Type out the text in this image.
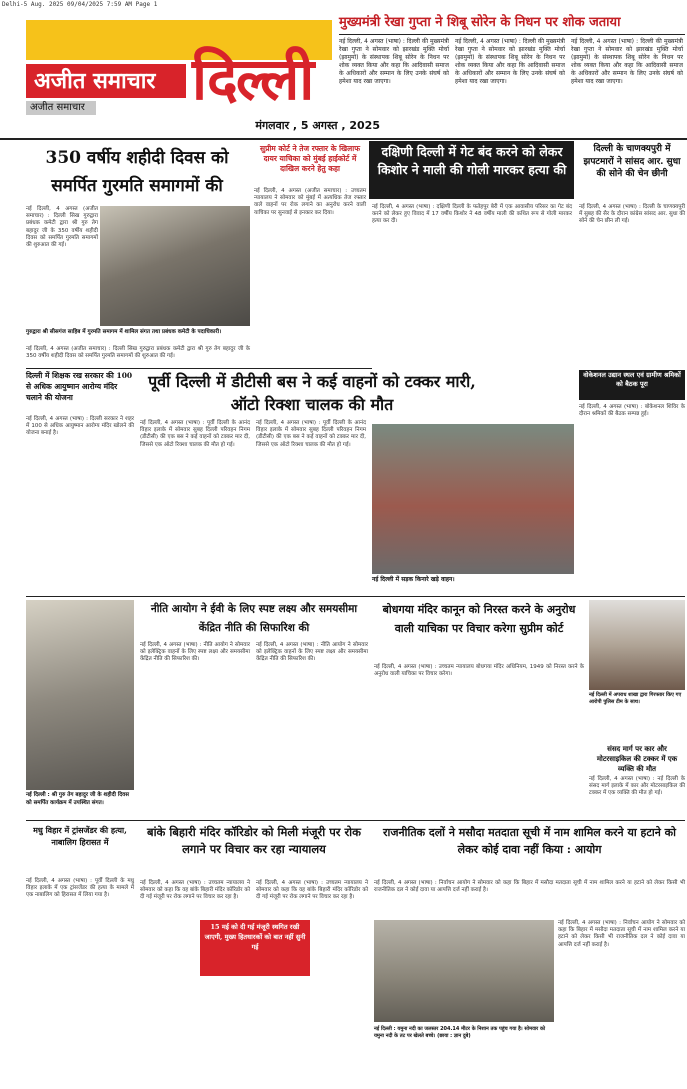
Delhi-5 Aug. 2025 09/04/2025 7:59 AM Page 1
अजीत समाचार
अजीत समाचार दिल्ली
मंगलवार , 5 अगस्त , 2025
मुख्यमंत्री रेखा गुप्ता ने शिबू सोरेन के निधन पर शोक जताया
नई दिल्ली, 4 अगस्त (भाषा) : दिल्ली की मुख्यमंत्री रेखा गुप्ता ने सोमवार को झारखंड मुक्ति मोर्चा (झामुमो) के संस्थापक शिबू सोरेन के निधन पर शोक व्यक्त किया और कहा कि आदिवासी समाज के अधिकारों और सम्मान के लिए उनके संघर्ष को हमेशा याद रखा जाएगा।
नई दिल्ली, 4 अगस्त (भाषा) : दिल्ली की मुख्यमंत्री रेखा गुप्ता ने सोमवार को झारखंड मुक्ति मोर्चा (झामुमो) के संस्थापक शिबू सोरेन के निधन पर शोक व्यक्त किया और कहा कि आदिवासी समाज के अधिकारों और सम्मान के लिए उनके संघर्ष को हमेशा याद रखा जाएगा।
नई दिल्ली, 4 अगस्त (भाषा) : दिल्ली की मुख्यमंत्री रेखा गुप्ता ने सोमवार को झारखंड मुक्ति मोर्चा (झामुमो) के संस्थापक शिबू सोरेन के निधन पर शोक व्यक्त किया और कहा कि आदिवासी समाज के अधिकारों और सम्मान के लिए उनके संघर्ष को हमेशा याद रखा जाएगा।
350 वर्षीय शहीदी दिवस को समर्पित गुरमति समागमों की
नई दिल्ली, 4 अगस्त (अजीत समाचार) : दिल्ली सिख गुरुद्वारा प्रबंधक कमेटी द्वारा श्री गुरु तेग बहादुर जी के 350 वर्षीय शहीदी दिवस को समर्पित गुरमति समागमों की शुरुआत की गई।
गुरुद्वारा श्री सीसगंज साहिब में गुरमति समागम में शामिल संगत तथा प्रबंधक कमेटी के पदाधिकारी।
नई दिल्ली, 4 अगस्त (अजीत समाचार) : दिल्ली सिख गुरुद्वारा प्रबंधक कमेटी द्वारा श्री गुरु तेग बहादुर जी के 350 वर्षीय शहीदी दिवस को समर्पित गुरमति समागमों की शुरुआत की गई।
सुप्रीम कोर्ट ने तेज रफ्तार के खिलाफ दायर याचिका को मुंबई हाईकोर्ट में दाखिल करने हेतु कहा
नई दिल्ली, 4 अगस्त (अजीत समाचार) : उच्चतम न्यायालय ने सोमवार को मुंबई में अत्यधिक तेज रफ्तार वाले वाहनों पर रोक लगाने का अनुरोध करने वाली याचिका पर सुनवाई से इनकार कर दिया।
दक्षिणी दिल्ली में गेट बंद करने को लेकर किशोर ने माली की गोली मारकर हत्या की
नई दिल्ली, 4 अगस्त (भाषा) : दक्षिणी दिल्ली के फतेहपुर बेरी में एक आवासीय परिसर का गेट बंद करने को लेकर हुए विवाद में 17 वर्षीय किशोर ने 48 वर्षीय माली की कथित रूप से गोली मारकर हत्या कर दी।
दिल्ली के चाणक्यपुरी में झपटमारों ने सांसद आर. सुधा की सोने की चेन छीनी
नई दिल्ली, 4 अगस्त (भाषा) : दिल्ली के चाणक्यपुरी में सुबह की सैर के दौरान कांग्रेस सांसद आर. सुधा की सोने की चेन छीन ली गई।
दिल्ली में शिक्षक रख सरकार की 100 से अधिक आयुष्मान आरोग्य मंदिर चलाने की योजना
नई दिल्ली, 4 अगस्त (भाषा) : दिल्ली सरकार ने शहर में 100 से अधिक आयुष्मान आरोग्य मंदिर खोलने की योजना बनाई है।
पूर्वी दिल्ली में डीटीसी बस ने कई वाहनों को टक्कर मारी, ऑटो रिक्शा चालक की मौत
नई दिल्ली, 4 अगस्त (भाषा) : पूर्वी दिल्ली के आनंद विहार इलाके में सोमवार सुबह दिल्ली परिवहन निगम (डीटीसी) की एक बस ने कई वाहनों को टक्कर मार दी, जिससे एक ऑटो रिक्शा चालक की मौत हो गई।
नई दिल्ली, 4 अगस्त (भाषा) : पूर्वी दिल्ली के आनंद विहार इलाके में सोमवार सुबह दिल्ली परिवहन निगम (डीटीसी) की एक बस ने कई वाहनों को टक्कर मार दी, जिससे एक ऑटो रिक्शा चालक की मौत हो गई।
नई दिल्ली में सड़क किनारे खड़े वाहन।
वोकेशनल उद्यान स्थल एवं ग्रामीण श्रमिकों को बैठक पूरा
नई दिल्ली, 4 अगस्त (भाषा) : बोकेशनल शिविर के दौरान श्रमिकों की बैठक सम्पन्न हुई।
नई दिल्ली : श्री गुरु तेग बहादुर जी के शहीदी दिवस को समर्पित कार्यक्रम में उपस्थित संगत।
नीति आयोग ने ईवी के लिए स्पष्ट लक्ष्य और समयसीमा केंद्रित नीति की सिफारिश की
नई दिल्ली, 4 अगस्त (भाषा) : नीति आयोग ने सोमवार को इलेक्ट्रिक वाहनों के लिए स्पष्ट लक्ष्य और समयसीमा केंद्रित नीति की सिफारिश की।
नई दिल्ली, 4 अगस्त (भाषा) : नीति आयोग ने सोमवार को इलेक्ट्रिक वाहनों के लिए स्पष्ट लक्ष्य और समयसीमा केंद्रित नीति की सिफारिश की।
बोधगया मंदिर कानून को निरस्त करने के अनुरोध वाली याचिका पर विचार करेगा सुप्रीम कोर्ट
नई दिल्ली, 4 अगस्त (भाषा) : उच्चतम न्यायालय बोधगया मंदिर अधिनियम, 1949 को निरस्त करने के अनुरोध वाली याचिका पर विचार करेगा।
नई दिल्ली में अपराध शाखा द्वारा गिरफ्तार किए गए आरोपी पुलिस टीम के साथ।
संसद मार्ग पर कार और मोटरसाइकिल की टक्कर में एक व्यक्ति की मौत
नई दिल्ली, 4 अगस्त (भाषा) : नई दिल्ली के संसद मार्ग इलाके में कार और मोटरसाइकिल की टक्कर में एक व्यक्ति की मौत हो गई।
मधु विहार में ट्रांसजेंडर की हत्या, नाबालिग हिरासत में
नई दिल्ली, 4 अगस्त (भाषा) : पूर्वी दिल्ली के मधु विहार इलाके में एक ट्रांसजेंडर की हत्या के मामले में एक नाबालिग को हिरासत में लिया गया है।
बांके बिहारी मंदिर कॉरिडोर को मिली मंजूरी पर रोक लगाने पर विचार कर रहा न्यायालय
नई दिल्ली, 4 अगस्त (भाषा) : उच्चतम न्यायालय ने सोमवार को कहा कि वह बांके बिहारी मंदिर कॉरिडोर को दी गई मंजूरी पर रोक लगाने पर विचार कर रहा है।
नई दिल्ली, 4 अगस्त (भाषा) : उच्चतम न्यायालय ने सोमवार को कहा कि वह बांके बिहारी मंदिर कॉरिडोर को दी गई मंजूरी पर रोक लगाने पर विचार कर रहा है।
15 मई को दी गई मंजूरी स्थगित रखी जाएगी, मुख्य हितधारकों को बात नहीं सुनी गई
राजनीतिक दलों ने मसौदा मतदाता सूची में नाम शामिल करने या हटाने को लेकर कोई दावा नहीं किया : आयोग
नई दिल्ली, 4 अगस्त (भाषा) : निर्वाचन आयोग ने सोमवार को कहा कि बिहार में मसौदा मतदाता सूची में नाम शामिल करने या हटाने को लेकर किसी भी राजनीतिक दल ने कोई दावा या आपत्ति दर्ज नहीं कराई है।
नई दिल्ली, 4 अगस्त (भाषा) : निर्वाचन आयोग ने सोमवार को कहा कि बिहार में मसौदा मतदाता सूची में नाम शामिल करने या हटाने को लेकर किसी भी राजनीतिक दल ने कोई दावा या आपत्ति दर्ज नहीं कराई है।
नई दिल्ली : यमुना नदी का जलस्तर 204.14 मीटर के निशान तक पहुंच गया है। सोमवार को यमुना नदी के तट पर खेलते बच्चे। (छाया : ज्ञान दुबे)
